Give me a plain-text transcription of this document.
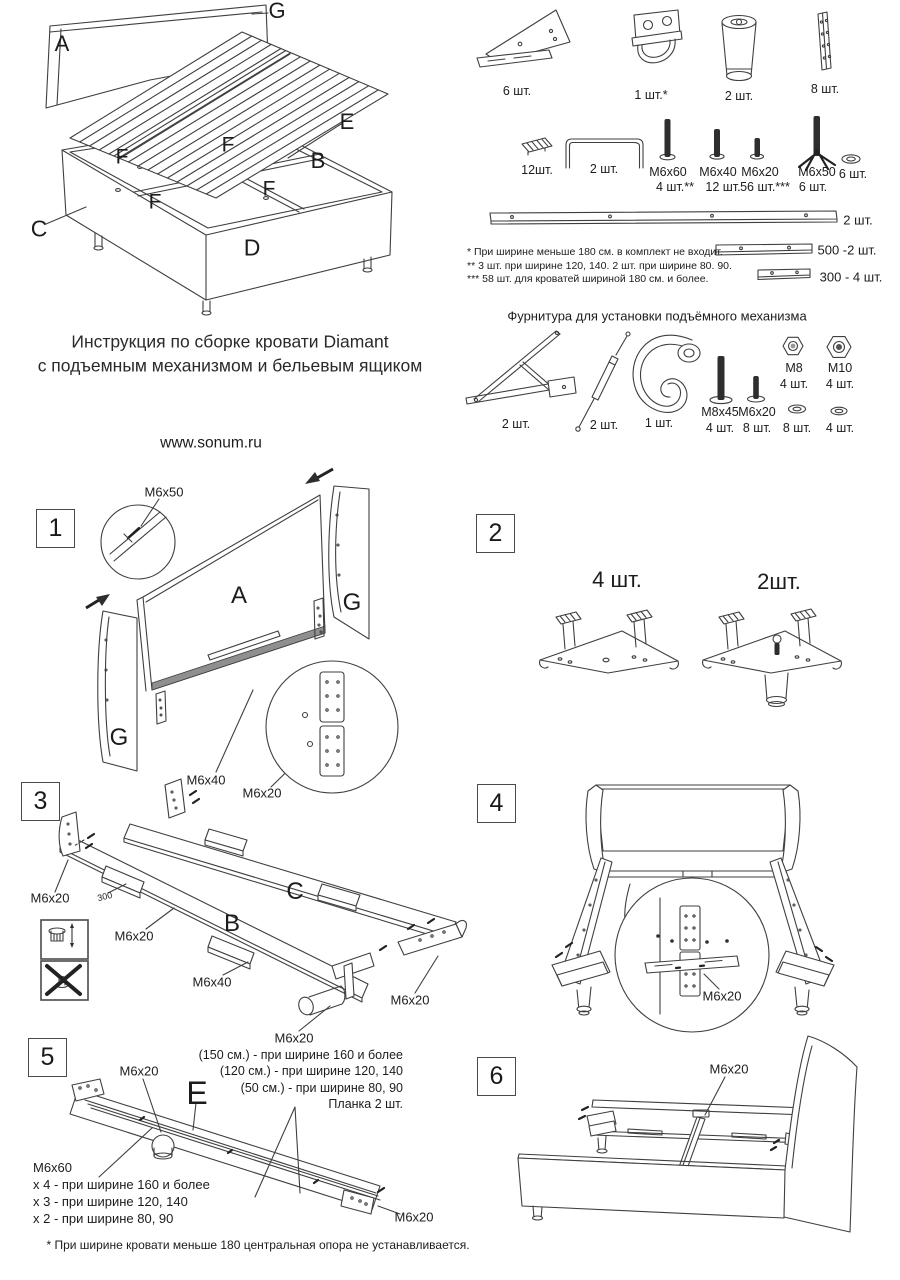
A
G
E
B
F
F
F
F
C
D
Инструкция по сборке кровати Diamant
с подъемным механизмом и бельевым ящиком
www.sonum.ru
6 шт.	1 шт.*	2 шт.	8 шт.
12шт.	2 шт. M6x60
4 шт.**
M6x40
12 шт.
M6x20
56 шт.***
M6x50
6 шт.
6 шт.
2 шт.
500 -2 шт.
300 - 4 шт.
* При ширине меньше 180 см. в комплект не входит.
** 3 шт. при ширине 120, 140. 2 шт. при ширине 80. 90.
*** 58 шт. для кроватей шириной 180 см. и более.
Фурнитура для установки подъёмного механизма
2 шт.	2 шт. 1 шт.
M8x45
4 шт.
M6x20
8 шт.
M8
4 шт.
M10
4 шт.
8 шт. 4 шт.
1	2
3	4
5
6
M6x50
A	G
G
M6x40
M6x20
4 шт.	2шт.
M6x20	300
M6x20	B
C
M6x40
M6x20
M6x20
M6x20
M6x20
E
(150 см.) - при ширине 160 и более
(120 см.) - при ширине 120, 140
(50 см.) - при ширине 80, 90
Планка 2 шт.
M6x60
x 4 - при ширине 160 и более
x 3 - при ширине 120, 140
x 2 - при ширине 80, 90	M6x20
M6x20
* При ширине кровати меньше 180 центральная опора не устанавливается.
